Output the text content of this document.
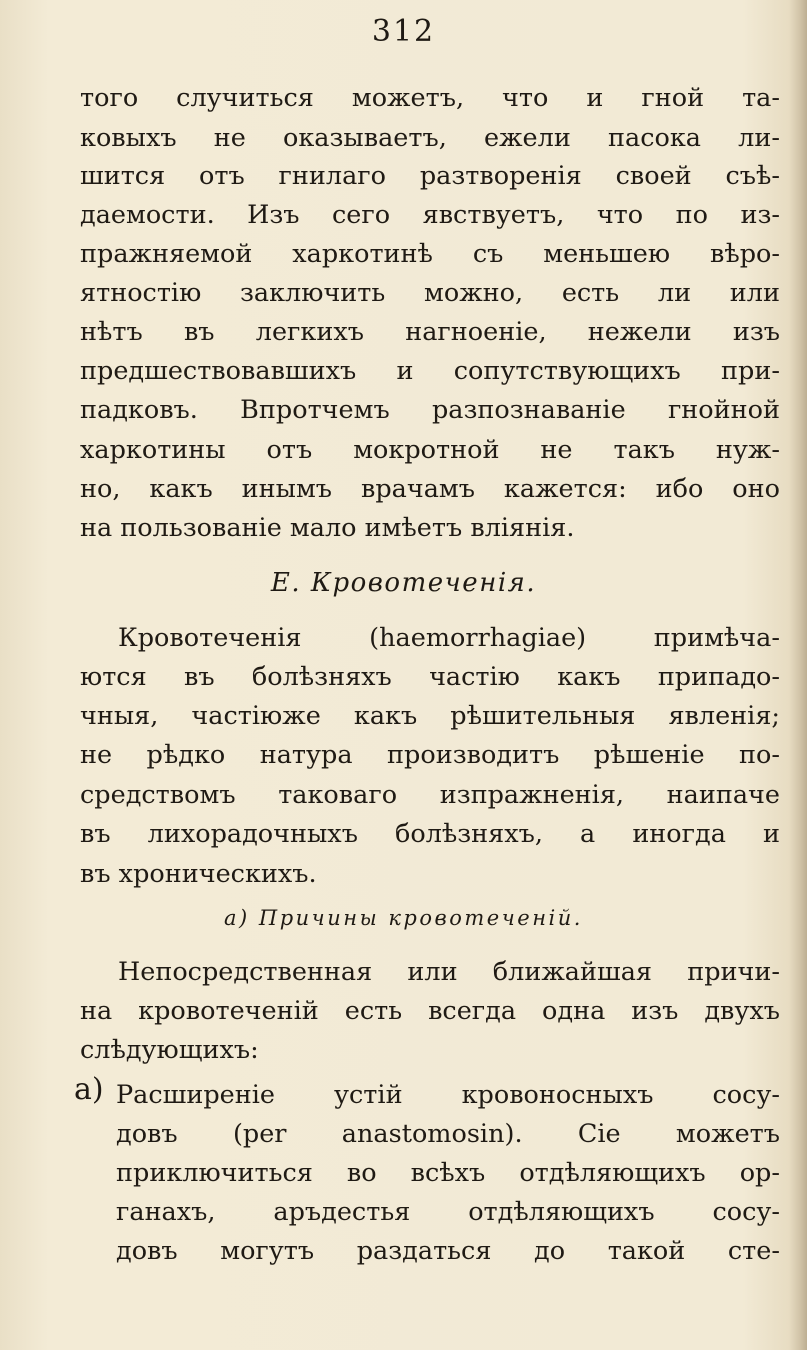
312
того случиться можетъ, что и гной та-
ковыхъ не оказываетъ, ежели пасока ли-
шится отъ гнилаго разтворенія своей съѣ-
даемости. Изъ сего явствуетъ, что по из-
пражняемой харкотинѣ съ меньшею вѣро-
ятностію заключить можно, есть ли или
нѣтъ въ легкихъ нагноеніе, нежели изъ
предшествовавшихъ и сопутствующихъ при-
падковъ. Впротчемъ разпознаваніе гнойной
харкотины отъ мокротной не такъ нуж-
но, какъ инымъ врачамъ кажется: ибо оно
на пользованіе мало имѣетъ вліянія.
Е. Кровотеченія.
Кровотеченія (haemorrhagiae) примѣча-
ются въ болѣзняхъ частію какъ припадо-
чныя, частіюже какъ рѣшительныя явленія;
не рѣдко натура производитъ рѣшеніе по-
средствомъ таковаго изпражненія, наипаче
въ лихорадочныхъ болѣзняхъ, а иногда и
въ хроническихъ.
а) Причины кровотеченій.
Непосредственная или ближайшая причи-
на кровотеченій есть всегда одна изъ двухъ
слѣдующихъ:
а) Расширеніе устій кровоносныхъ сосу-
довъ (per anastomosin). Сіе можетъ
приключиться во всѣхъ отдѣляющихъ ор-
ганахъ, аръдестья отдѣляющихъ сосу-
довъ могутъ раздаться до такой сте-
